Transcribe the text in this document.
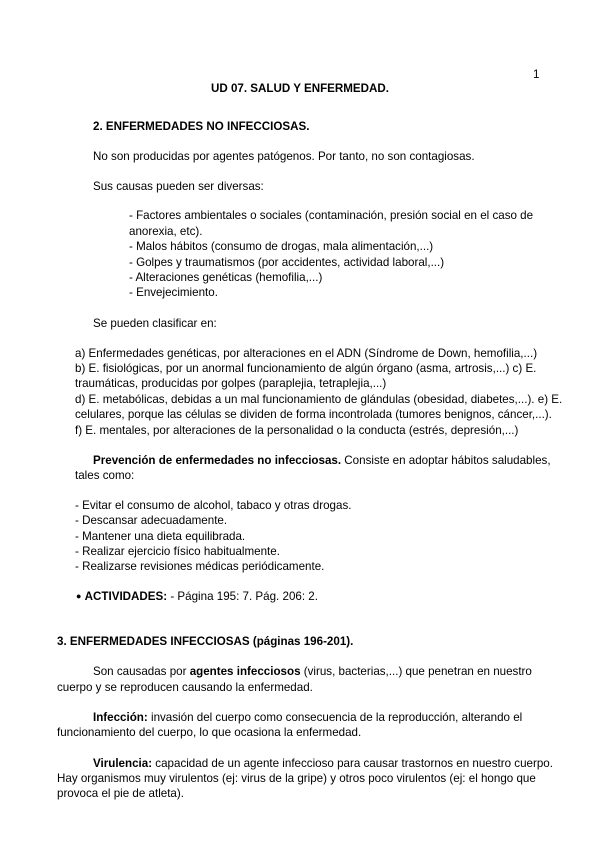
1
UD 07. SALUD Y ENFERMEDAD.
2. ENFERMEDADES NO INFECCIOSAS.
No son producidas por agentes patógenos. Por tanto, no son contagiosas.
Sus causas pueden ser diversas:
- Factores ambientales o sociales (contaminación, presión social en el caso de
anorexia, etc).
- Malos hábitos (consumo de drogas, mala alimentación,...)
- Golpes y traumatismos (por accidentes, actividad laboral,...)
- Alteraciones genéticas (hemofilia,...)
- Envejecimiento.
Se pueden clasificar en:
a) Enfermedades genéticas, por alteraciones en el ADN (Síndrome de Down, hemofilia,...)
b) E. fisiológicas, por un anormal funcionamiento de algún órgano (asma, artrosis,...) c) E.
traumáticas, producidas por golpes (paraplejia, tetraplejia,...)
d) E. metabólicas, debidas a un mal funcionamiento de glándulas (obesidad, diabetes,...). e) E.
celulares, porque las células se dividen de forma incontrolada (tumores benignos, cáncer,...).
f) E. mentales, por alteraciones de la personalidad o la conducta (estrés, depresión,...)
Prevención de enfermedades no infecciosas. Consiste en adoptar hábitos saludables,
tales como:
- Evitar el consumo de alcohol, tabaco y otras drogas.
- Descansar adecuadamente.
- Mantener una dieta equilibrada.
- Realizar ejercicio físico habitualmente.
- Realizarse revisiones médicas periódicamente.
● ACTIVIDADES: - Página 195: 7. Pág. 206: 2.
3. ENFERMEDADES INFECCIOSAS (páginas 196-201).
Son causadas por agentes infecciosos (virus, bacterias,...) que penetran en nuestro
cuerpo y se reproducen causando la enfermedad.
Infección: invasión del cuerpo como consecuencia de la reproducción, alterando el
funcionamiento del cuerpo, lo que ocasiona la enfermedad.
Virulencia: capacidad de un agente infeccioso para causar trastornos en nuestro cuerpo.
Hay organismos muy virulentos (ej: virus de la gripe) y otros poco virulentos (ej: el hongo que
provoca el pie de atleta).
